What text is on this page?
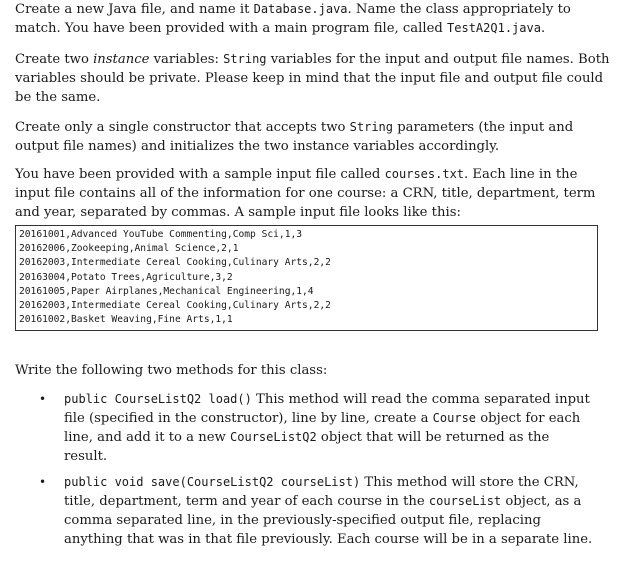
Create a new Java file, and name it Database.java. Name the class appropriately to match. You have been provided with a main program file, called TestA2Q1.java.

Create two instance variables: String variables for the input and output file names. Both variables should be private. Please keep in mind that the input file and output file could be the same.

Create only a single constructor that accepts two String parameters (the input and output file names) and initializes the two instance variables accordingly.

You have been provided with a sample input file called courses.txt. Each line in the input file contains all of the information for one course: a CRN, title, department, term and year, separated by commas. A sample input file looks like this:

20161001,Advanced YouTube Commenting,Comp Sci,1,3
20162006,Zookeeping,Animal Science,2,1
20162003,Intermediate Cereal Cooking,Culinary Arts,2,2
20163004,Potato Trees,Agriculture,3,2
20161005,Paper Airplanes,Mechanical Engineering,1,4
20162003,Intermediate Cereal Cooking,Culinary Arts,2,2
20161002,Basket Weaving,Fine Arts,1,1

Write the following two methods for this class:

• public CourseListQ2 load() This method will read the comma separated input file (specified in the constructor), line by line, create a Course object for each line, and add it to a new CourseListQ2 object that will be returned as the result.
• public void save(CourseListQ2 courseList) This method will store the CRN, title, department, term and year of each course in the courseList object, as a comma separated line, in the previously-specified output file, replacing anything that was in that file previously. Each course will be in a separate line.
